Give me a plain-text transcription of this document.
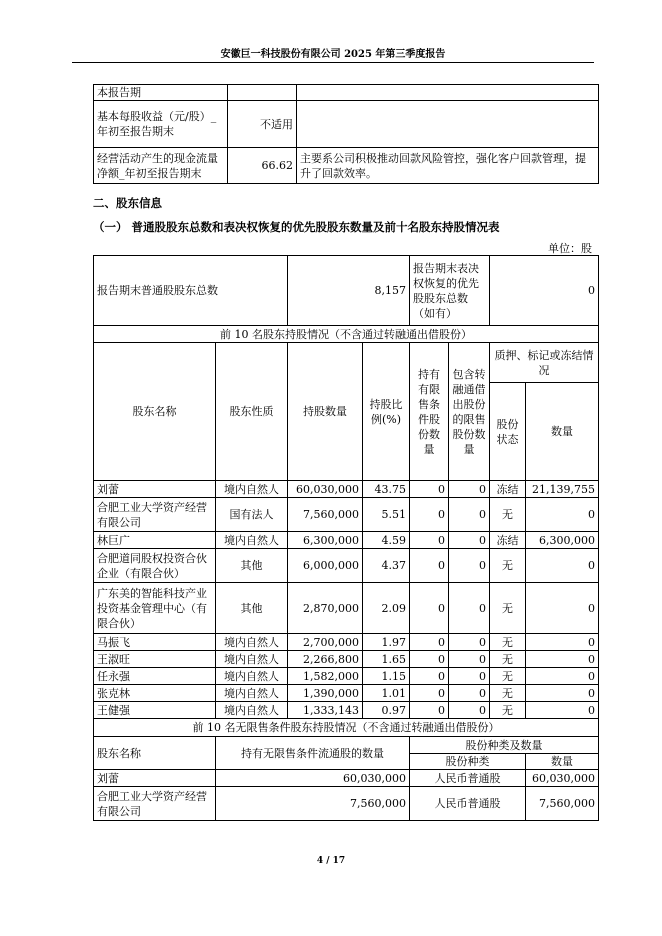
安徽巨一科技股份有限公司 2025 年第三季度报告
本报告期		
基本每股收益（元/股）_年初至报告期末	不适用	
经营活动产生的现金流量净额_年初至报告期末	66.62	主要系公司积极推动回款风险管控，强化客户回款管理，提升了回款效率。
二、股东信息
（一） 普通股股东总数和表决权恢复的优先股股东数量及前十名股东持股情况表
单位：股
报告期末普通股股东总数		8,157		报告期末表决权恢复的优先股股东总数（如有）		0	
前 10 名股东持股情况（不含通过转融通出借股份）							
股东名称	股东性质	持股数量	持股比例(%)	持有有限售条件股份数量	包含转融通借出股份的限售股份数量	质押、标记或冻结情况	
						股份状态	数量
刘蕾	境内自然人	60,030,000	43.75	0	0	冻结	21,139,755
合肥工业大学资产经营有限公司	国有法人	7,560,000	5.51	0	0	无	0
林巨广	境内自然人	6,300,000	4.59	0	0	冻结	6,300,000
合肥道同股权投资合伙企业（有限合伙）	其他	6,000,000	4.37	0	0	无	0
广东美的智能科技产业投资基金管理中心（有限合伙）	其他	2,870,000	2.09	0	0	无	0
马振飞	境内自然人	2,700,000	1.97	0	0	无	0
王淑旺	境内自然人	2,266,800	1.65	0	0	无	0
任永强	境内自然人	1,582,000	1.15	0	0	无	0
张克林	境内自然人	1,390,000	1.01	0	0	无	0
王健强	境内自然人	1,333,143	0.97	0	0	无	0
前 10 名无限售条件股东持股情况（不含通过转融通出借股份）							
股东名称	持有无限售条件流通股的数量			股份种类及数量			
				股份种类			数量
刘蕾	60,030,000			人民币普通股			60,030,000
合肥工业大学资产经营有限公司	7,560,000			人民币普通股			7,560,000
4 / 17
